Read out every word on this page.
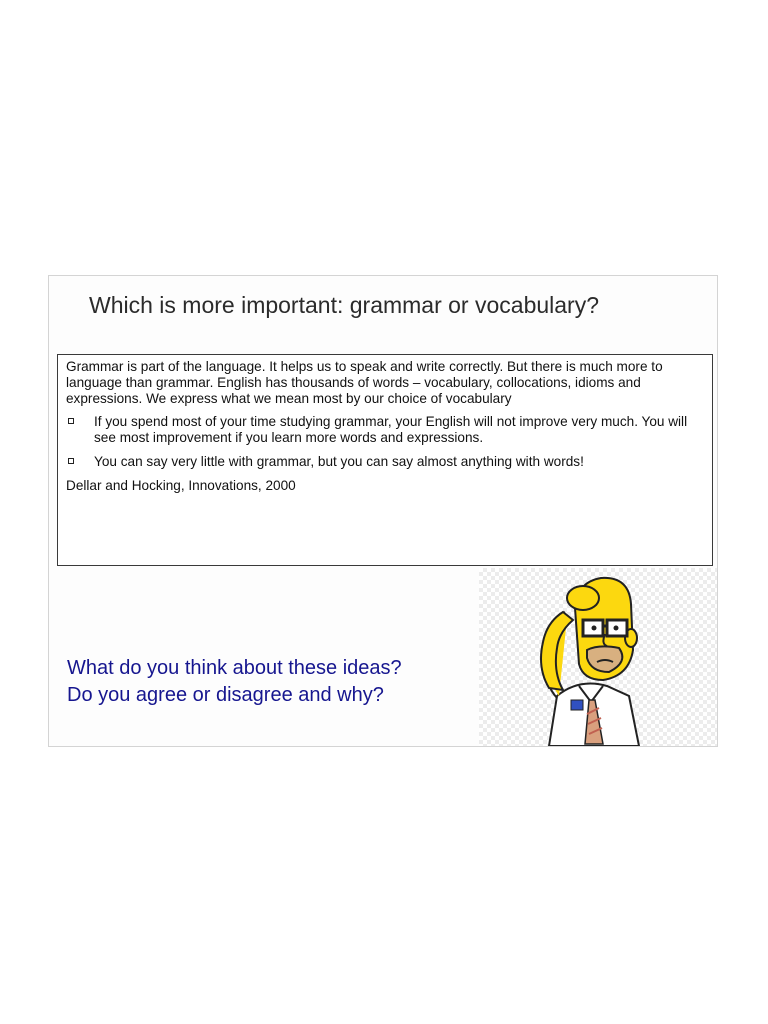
Which is more important: grammar or vocabulary?

Grammar is part of the language. It helps us to speak and write correctly. But there is much more to language than grammar. English has thousands of words – vocabulary, collocations, idioms and expressions. We express what we mean most by our choice of vocabulary

If you spend most of your time studying grammar, your English will not improve very much. You will see most improvement if you learn more words and expressions.
You can say very little with grammar, but you can say almost anything with words!

Dellar and Hocking, Innovations, 2000

What do you think about these ideas?
Do you agree or disagree and why?
